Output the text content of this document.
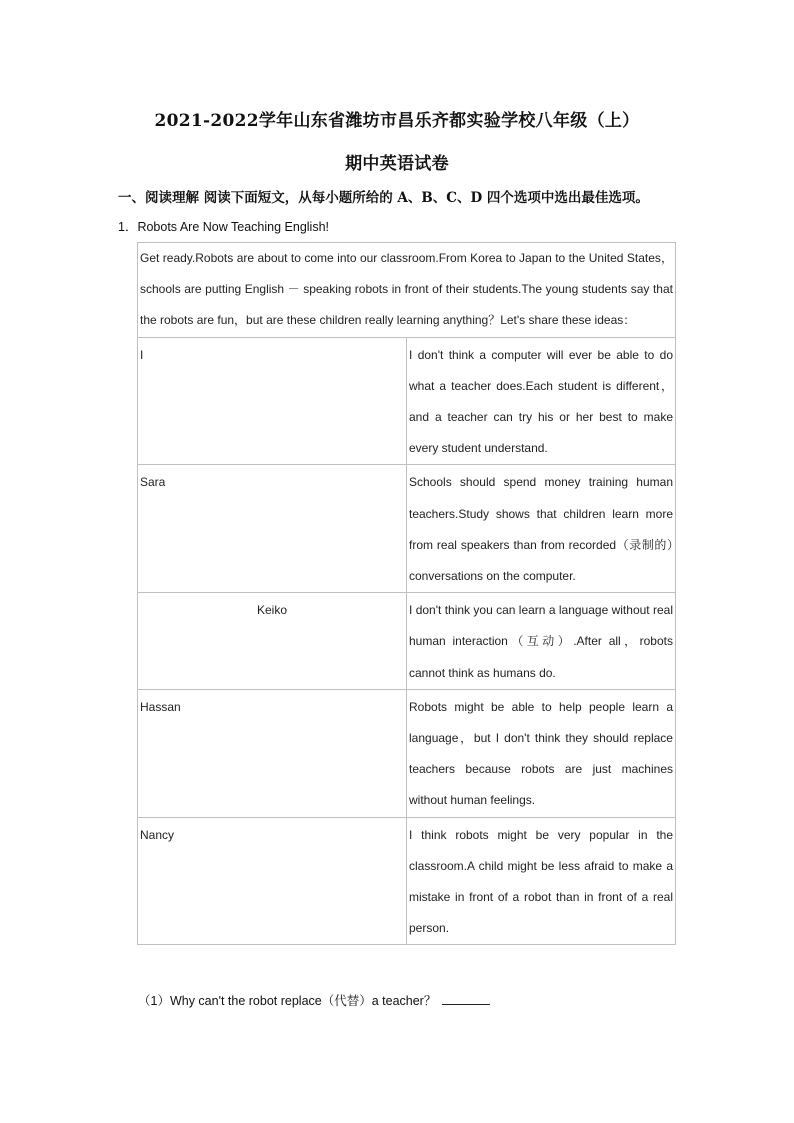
2021-2022学年山东省潍坊市昌乐齐都实验学校八年级（上）
期中英语试卷
一、阅读理解 阅读下面短文，从每小题所给的 A、B、C、D 四个选项中选出最佳选项。
1．Robots Are Now Teaching English!
Get ready.Robots are about to come into our classroom.From Korea to Japan to the United States， schools are putting English － speaking robots in front of their students.The young students say that the robots are fun，but are these children really learning anything？Let's share these ideas：	
I	I don't think a computer will ever be able to do what a teacher does.Each student is different，and a teacher can try his or her best to make every student understand.
Sara	Schools should spend money training human teachers.Study shows that children learn more from real speakers than from recorded（录制的）conversations on the computer.
Keiko	I don't think you can learn a language without real human interaction（互动）.After all，robots cannot think as humans do.
Hassan	Robots might be able to help people learn a language，but I don't think they should replace teachers because robots are just machines without human feelings.
Nancy	I think robots might be very popular in the classroom.A child might be less afraid to make a mistake in front of a robot than in front of a real person.
（1）Why can't the robot replace（代替）a teacher？
